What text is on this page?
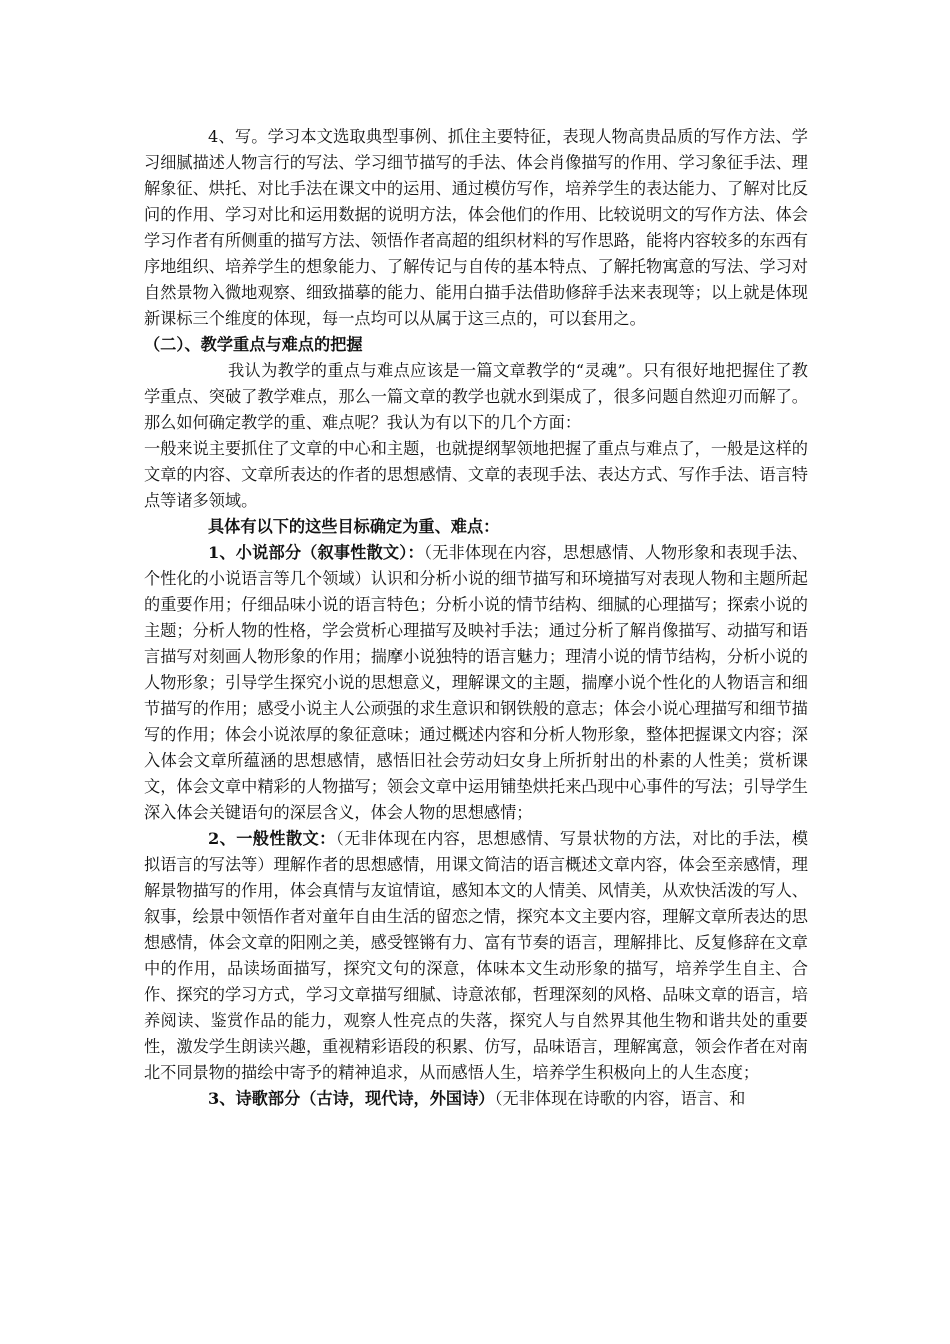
4、写。学习本文选取典型事例、抓住主要特征，表现人物高贵品质的写作方法、学习细腻描述人物言行的写法、学习细节描写的手法、体会肖像描写的作用、学习象征手法、理解象征、烘托、对比手法在课文中的运用、通过模仿写作，培养学生的表达能力、了解对比反问的作用、学习对比和运用数据的说明方法，体会他们的作用、比较说明文的写作方法、体会学习作者有所侧重的描写方法、领悟作者高超的组织材料的写作思路，能将内容较多的东西有序地组织、培养学生的想象能力、了解传记与自传的基本特点、了解托物寓意的写法、学习对自然景物入微地观察、细致描摹的能力、能用白描手法借助修辞手法来表现等；以上就是体现新课标三个维度的体现，每一点均可以从属于这三点的，可以套用之。

（二）、教学重点与难点的把握

我认为教学的重点与难点应该是一篇文章教学的“灵魂”。只有很好地把握住了教学重点、突破了教学难点，那么一篇文章的教学也就水到渠成了，很多问题自然迎刃而解了。那么如何确定教学的重、难点呢？我认为有以下的几个方面：

一般来说主要抓住了文章的中心和主题，也就提纲挈领地把握了重点与难点了，一般是这样的文章的内容、文章所表达的作者的思想感情、文章的表现手法、表达方式、写作手法、语言特点等诸多领域。

具体有以下的这些目标确定为重、难点：

1、小说部分（叙事性散文）：（无非体现在内容，思想感情、人物形象和表现手法、个性化的小说语言等几个领域）认识和分析小说的细节描写和环境描写对表现人物和主题所起的重要作用；仔细品味小说的语言特色；分析小说的情节结构、细腻的心理描写；探索小说的主题；分析人物的性格，学会赏析心理描写及映衬手法；通过分析了解肖像描写、动描写和语言描写对刻画人物形象的作用；揣摩小说独特的语言魅力；理清小说的情节结构，分析小说的人物形象；引导学生探究小说的思想意义，理解课文的主题，揣摩小说个性化的人物语言和细节描写的作用；感受小说主人公顽强的求生意识和钢铁般的意志；体会小说心理描写和细节描写的作用；体会小说浓厚的象征意味；通过概述内容和分析人物形象，整体把握课文内容；深入体会文章所蕴涵的思想感情，感悟旧社会劳动妇女身上所折射出的朴素的人性美；赏析课文，体会文章中精彩的人物描写；领会文章中运用铺垫烘托来凸现中心事件的写法；引导学生深入体会关键语句的深层含义，体会人物的思想感情；

2、一般性散文：（无非体现在内容，思想感情、写景状物的方法，对比的手法，模拟语言的写法等）理解作者的思想感情，用课文简洁的语言概述文章内容，体会至亲感情，理解景物描写的作用，体会真情与友谊情谊，感知本文的人情美、风情美，从欢快活泼的写人、叙事，绘景中领悟作者对童年自由生活的留恋之情，探究本文主要内容，理解文章所表达的思想感情，体会文章的阳刚之美，感受铿锵有力、富有节奏的语言，理解排比、反复修辞在文章中的作用，品读场面描写，探究文句的深意，体味本文生动形象的描写，培养学生自主、合作、探究的学习方式，学习文章描写细腻、诗意浓郁，哲理深刻的风格、品味文章的语言，培养阅读、鉴赏作品的能力，观察人性亮点的失落，探究人与自然界其他生物和谐共处的重要性，激发学生朗读兴趣，重视精彩语段的积累、仿写，品味语言，理解寓意，领会作者在对南北不同景物的描绘中寄予的精神追求，从而感悟人生，培养学生积极向上的人生态度；

3、诗歌部分（古诗，现代诗，外国诗）（无非体现在诗歌的内容，语言、和
